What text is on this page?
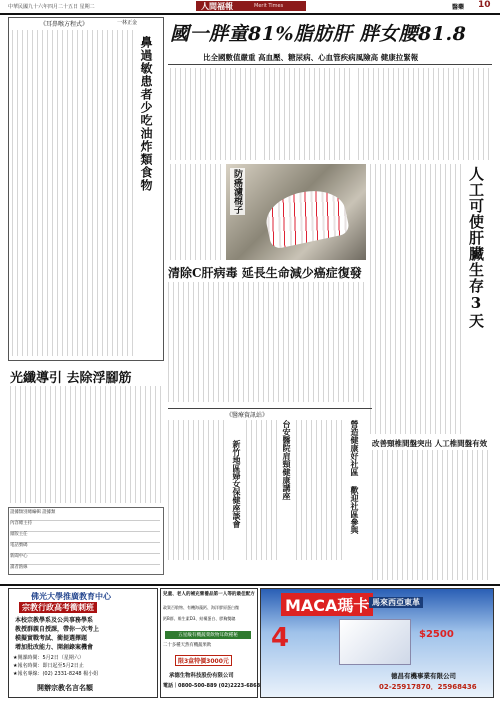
中華民國九十六年四月二十五日 星期二	人間福報	Merit Times	醫藥 10
《耳鼻喉方程式》	一林正金
鼻過敏患者少吃油炸類食物
光纖導引 去除浮腳筋
證據類別總編輯 證據類
內容總主持
頭版主任
電話號碼
新聞中心
讀者熱線
國一胖童81%脂肪肝 胖女腰81.8
比全國數值嚴重 高血壓、糖尿病、心血管疾病風險高 健康拉緊報
防癌濾棍子	人工可使肝臟生存3天
清除C肝病毒 延長生命減少癌症復發
《醫療資訊站》
新竹地區婦女保健座談會	台安醫院肩頸健康講座	營造健康好社區 歡迎社區參與 改善頸椎間盤突出 人工椎間盤有效
佛光大學推廣教育中心
宗教行政高考衝刺班
本校宗教學系及公共事務學系
教授群親自授課，帶你一次考上
模擬實戰考試、衝提選擇題
增加批改能力、開創錄案機會
★開課時間：5月2日（星期六）
★報名時間：即日起至5月2日止
★報名專線：(02) 2331-8248 楊小姐
開辦宗教名言名額
兒童、老人的補充營養品第一人等的最佳配方
政質百敬物、有機海藻鈣、海洋膠原蛋白微
鈣B群、維生素D3、結構蛋白、膠麴雙聰
五星級有機蔬菜飲物耳飲種秘
二十多種天然有機蔬果飲
限3盒特價3000元
承德生物科技股份有限公司
電話｜0800-500-889 (02)2223-6868
MACA瑪卡 馬來西亞東革
4	$2500
德昌有機事業有限公司
02-25917870．25968436
